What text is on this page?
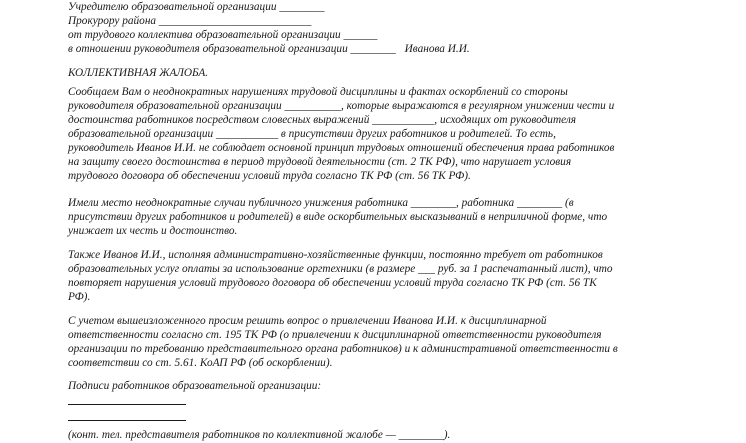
Учредителю образовательной организации ________
Прокурору района ___________________________
от трудового коллектива образовательной организации ______
в отношении руководителя образовательной организации ________ Иванова И.И.
КОЛЛЕКТИВНАЯ ЖАЛОБА.
Сообщаем Вам о неоднократных нарушениях трудовой дисциплины и фактах оскорблений со стороны
руководителя образовательной организации __________, которые выражаются в регулярном унижении чести и
достоинства работников посредством словесных выражений ___________, исходящих от руководителя
образовательной организации ___________ в присутствии других работников и родителей. То есть,
руководитель Иванов И.И. не соблюдает основной принцип трудовых отношений обеспечения права работников
на защиту своего достоинства в период трудовой деятельности (ст. 2 ТК РФ), что нарушает условия
трудового договора об обеспечении условий труда согласно ТК РФ (ст. 56 ТК РФ).
Имели место неоднократные случаи публичного унижения работника ________, работника ________ (в
присутствии других работников и родителей) в виде оскорбительных высказываний в неприличной форме, что
унижает их честь и достоинство.
Также Иванов И.И., исполняя административно-хозяйственные функции, постоянно требует от работников
образовательных услуг оплаты за использование оргтехники (в размере ___ руб. за 1 распечатанный лист), что
повторяет нарушения условий трудового договора об обеспечении условий труда согласно ТК РФ (ст. 56 ТК
РФ).
С учетом вышеизложенного просим решить вопрос о привлечении Иванова И.И. к дисциплинарной
ответственности согласно ст. 195 ТК РФ (о привлечении к дисциплинарной ответственности руководителя
организации по требованию представительного органа работников) и к административной ответственности в
соответствии со ст. 5.61. КоАП РФ (об оскорблении).
Подписи работников образовательной организации:
(конт. тел. представителя работников по коллективной жалобе — ________).
